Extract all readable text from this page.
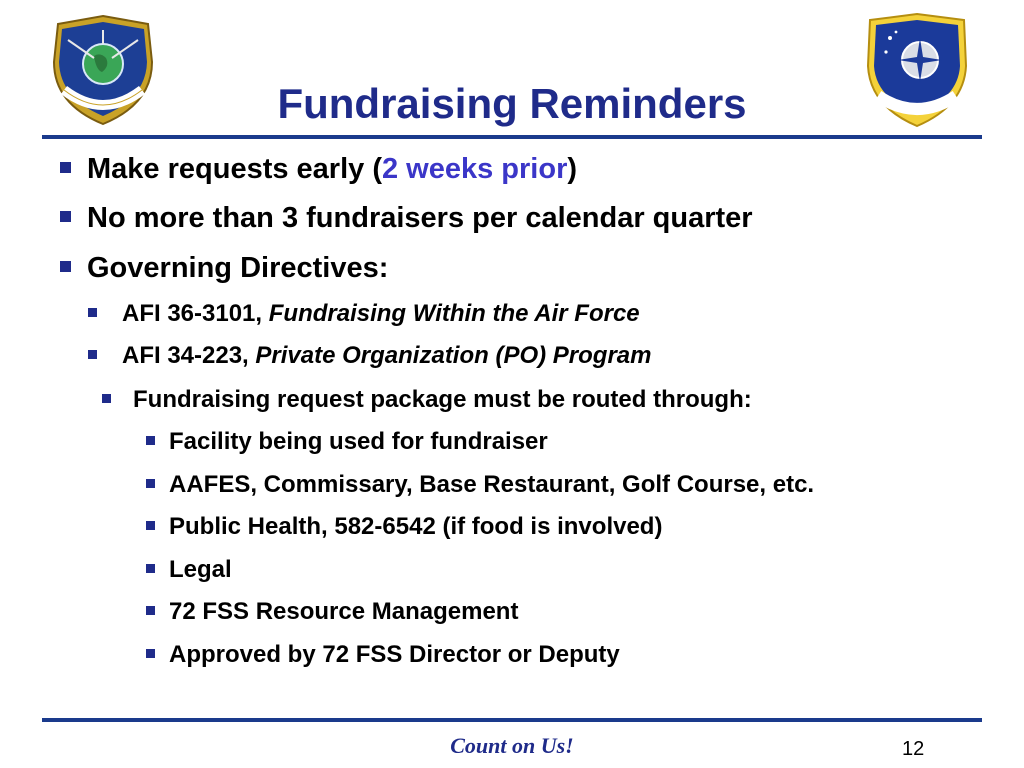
Fundraising Reminders
Make requests early (2 weeks prior)
No more than 3 fundraisers per calendar quarter
Governing Directives:
AFI 36-3101, Fundraising Within the Air Force
AFI 34-223, Private Organization (PO) Program
Fundraising request package must be routed through:
Facility being used for fundraiser
AAFES, Commissary, Base Restaurant, Golf Course, etc.
Public Health, 582-6542 (if food is involved)
Legal
72 FSS Resource Management
Approved by 72 FSS Director or Deputy
Count on Us!	12
